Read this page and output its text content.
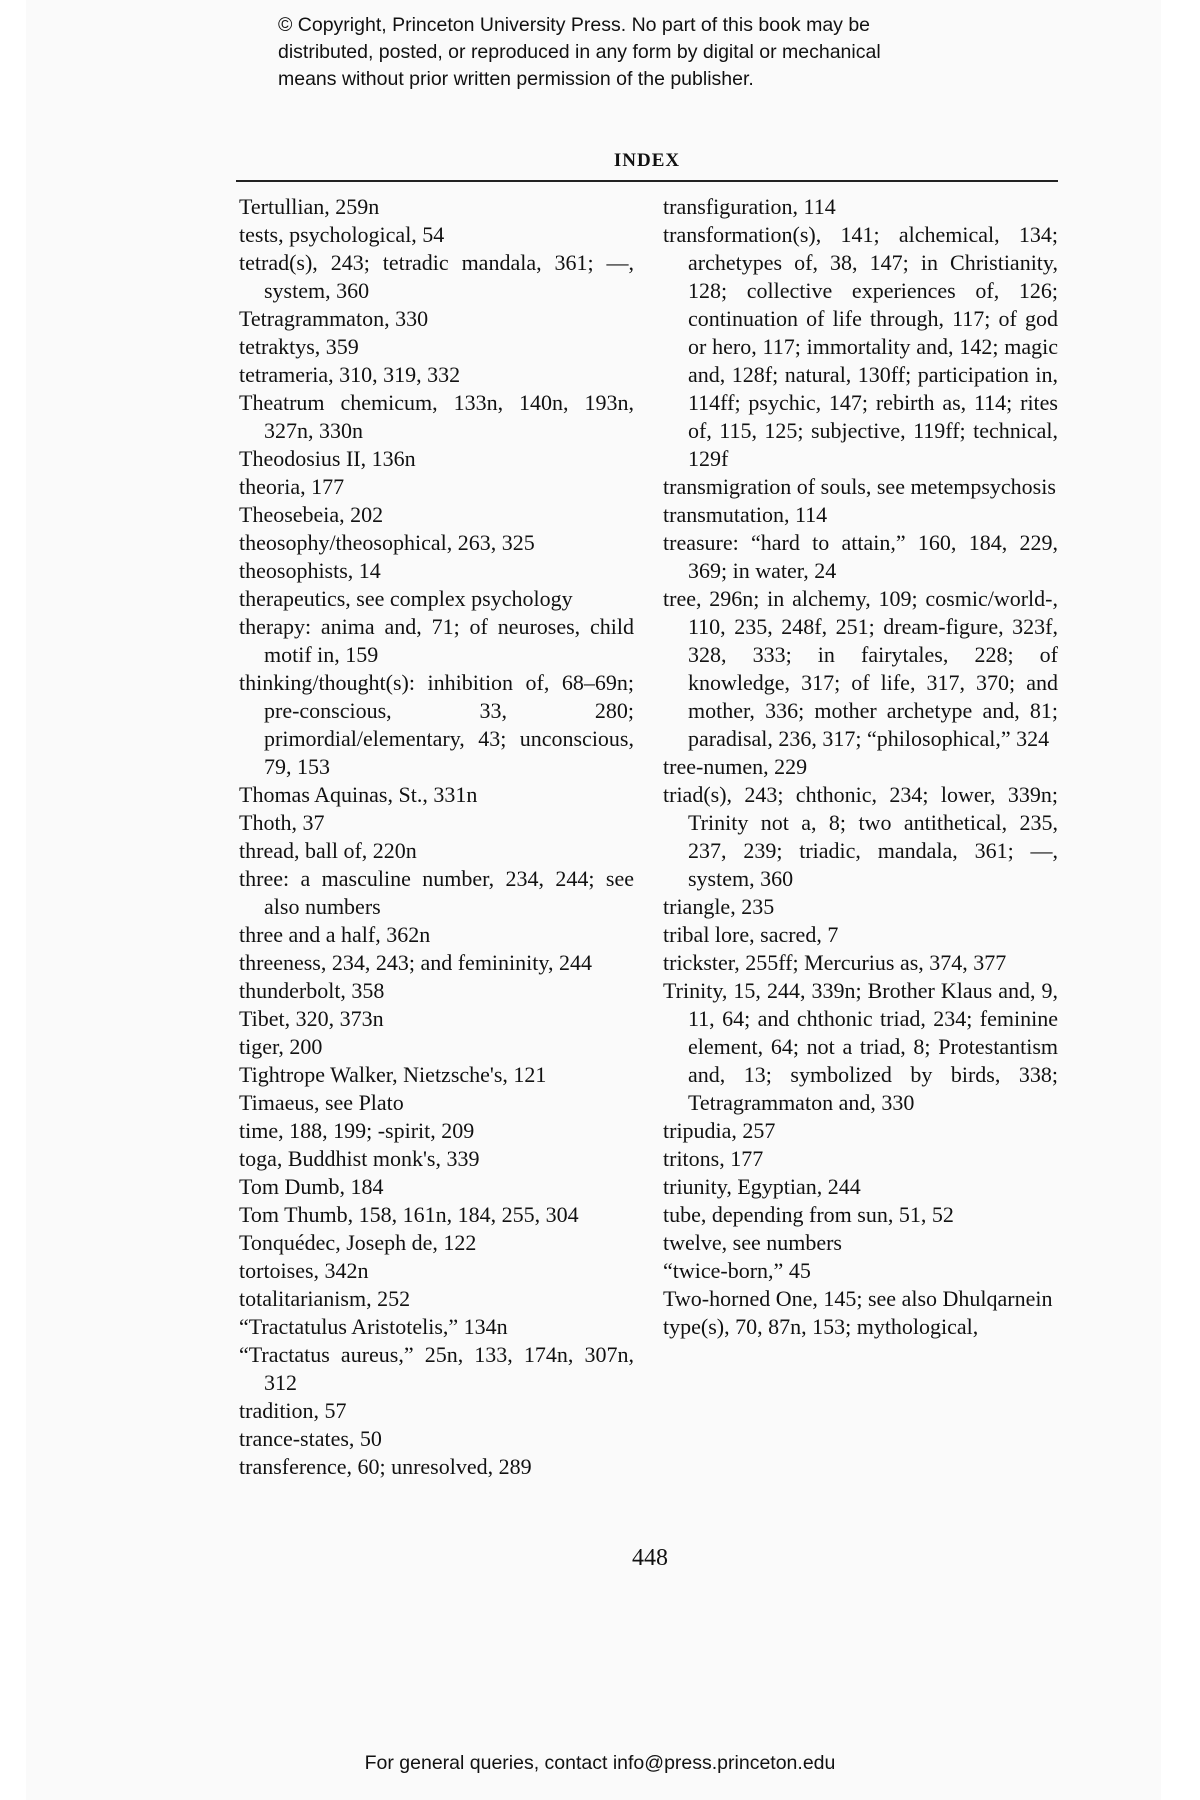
© Copyright, Princeton University Press. No part of this book may be
distributed, posted, or reproduced in any form by digital or mechanical
means without prior written permission of the publisher.

INDEX
Tertullian, 259n
tests, psychological, 54
tetrad(s), 243; tetradic mandala, 361; —, system, 360
Tetragrammaton, 330
tetraktys, 359
tetrameria, 310, 319, 332
Theatrum chemicum, 133n, 140n, 193n, 327n, 330n
Theodosius II, 136n
theoria, 177
Theosebeia, 202
theosophy/theosophical, 263, 325
theosophists, 14
therapeutics, see complex psychology
therapy: anima and, 71; of neuroses, child motif in, 159
thinking/thought(s): inhibition of, 68–69n; pre-conscious, 33, 280; primordial/elementary, 43; unconscious, 79, 153
Thomas Aquinas, St., 331n
Thoth, 37
thread, ball of, 220n
three: a masculine number, 234, 244; see also numbers
three and a half, 362n
threeness, 234, 243; and femininity, 244
thunderbolt, 358
Tibet, 320, 373n
tiger, 200
Tightrope Walker, Nietzsche's, 121
Timaeus, see Plato
time, 188, 199; -spirit, 209
toga, Buddhist monk's, 339
Tom Dumb, 184
Tom Thumb, 158, 161n, 184, 255, 304
Tonquédec, Joseph de, 122
tortoises, 342n
totalitarianism, 252
“Tractatulus Aristotelis,” 134n
“Tractatus aureus,” 25n, 133, 174n, 307n, 312
tradition, 57
trance-states, 50
transference, 60; unresolved, 289
transfiguration, 114
transformation(s), 141; alchemical, 134; archetypes of, 38, 147; in Christianity, 128; collective experiences of, 126; continuation of life through, 117; of god or hero, 117; immortality and, 142; magic and, 128f; natural, 130ff; participation in, 114ff; psychic, 147; rebirth as, 114; rites of, 115, 125; subjective, 119ff; technical, 129f
transmigration of souls, see metempsychosis
transmutation, 114
treasure: “hard to attain,” 160, 184, 229, 369; in water, 24
tree, 296n; in alchemy, 109; cosmic/world-, 110, 235, 248f, 251; dream-figure, 323f, 328, 333; in fairytales, 228; of knowledge, 317; of life, 317, 370; and mother, 336; mother archetype and, 81; paradisal, 236, 317; “philosophical,” 324
tree-numen, 229
triad(s), 243; chthonic, 234; lower, 339n; Trinity not a, 8; two antithetical, 235, 237, 239; triadic, mandala, 361; —, system, 360
triangle, 235
tribal lore, sacred, 7
trickster, 255ff; Mercurius as, 374, 377
Trinity, 15, 244, 339n; Brother Klaus and, 9, 11, 64; and chthonic triad, 234; feminine element, 64; not a triad, 8; Protestantism and, 13; symbolized by birds, 338; Tetragrammaton and, 330
tripudia, 257
tritons, 177
triunity, Egyptian, 244
tube, depending from sun, 51, 52
twelve, see numbers
“twice-born,” 45
Two-horned One, 145; see also Dhulqarnein
type(s), 70, 87n, 153; mythological,
448
For general queries, contact info@press.princeton.edu
